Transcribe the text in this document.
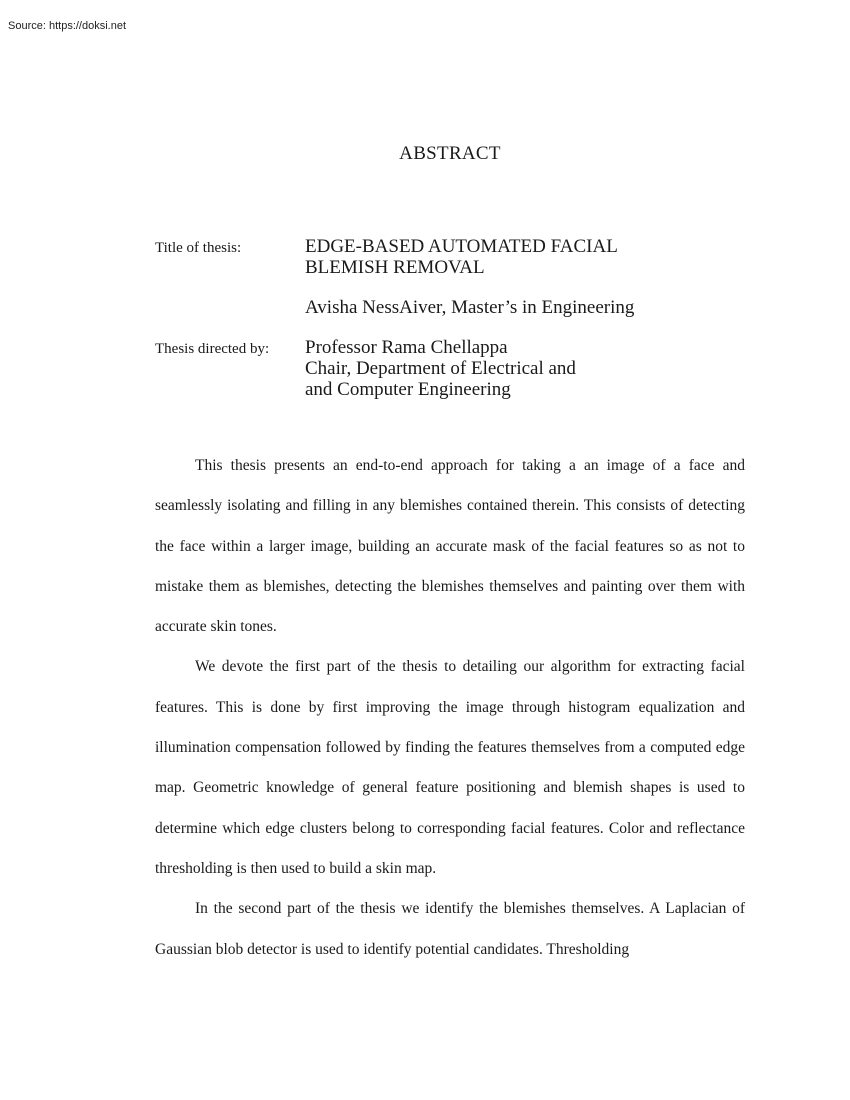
Source: https://doksi.net
ABSTRACT
Title of thesis:	EDGE-BASED AUTOMATED FACIAL
BLEMISH REMOVAL
Avisha NessAiver, Master’s in Engineering
Thesis directed by: Professor Rama Chellappa
Chair, Department of Electrical and
and Computer Engineering

This thesis presents an end-to-end approach for taking a an image of a face and seamlessly isolating and filling in any blemishes contained therein. This consists of detecting the face within a larger image, building an accurate mask of the facial features so as not to mistake them as blemishes, detecting the blemishes themselves and painting over them with accurate skin tones.

We devote the first part of the thesis to detailing our algorithm for extracting facial features. This is done by first improving the image through histogram equalization and illumination compensation followed by finding the features themselves from a computed edge map. Geometric knowledge of general feature positioning and blemish shapes is used to determine which edge clusters belong to corresponding facial features. Color and reflectance thresholding is then used to build a skin map.

In the second part of the thesis we identify the blemishes themselves. A Laplacian of Gaussian blob detector is used to identify potential candidates. Thresholding
